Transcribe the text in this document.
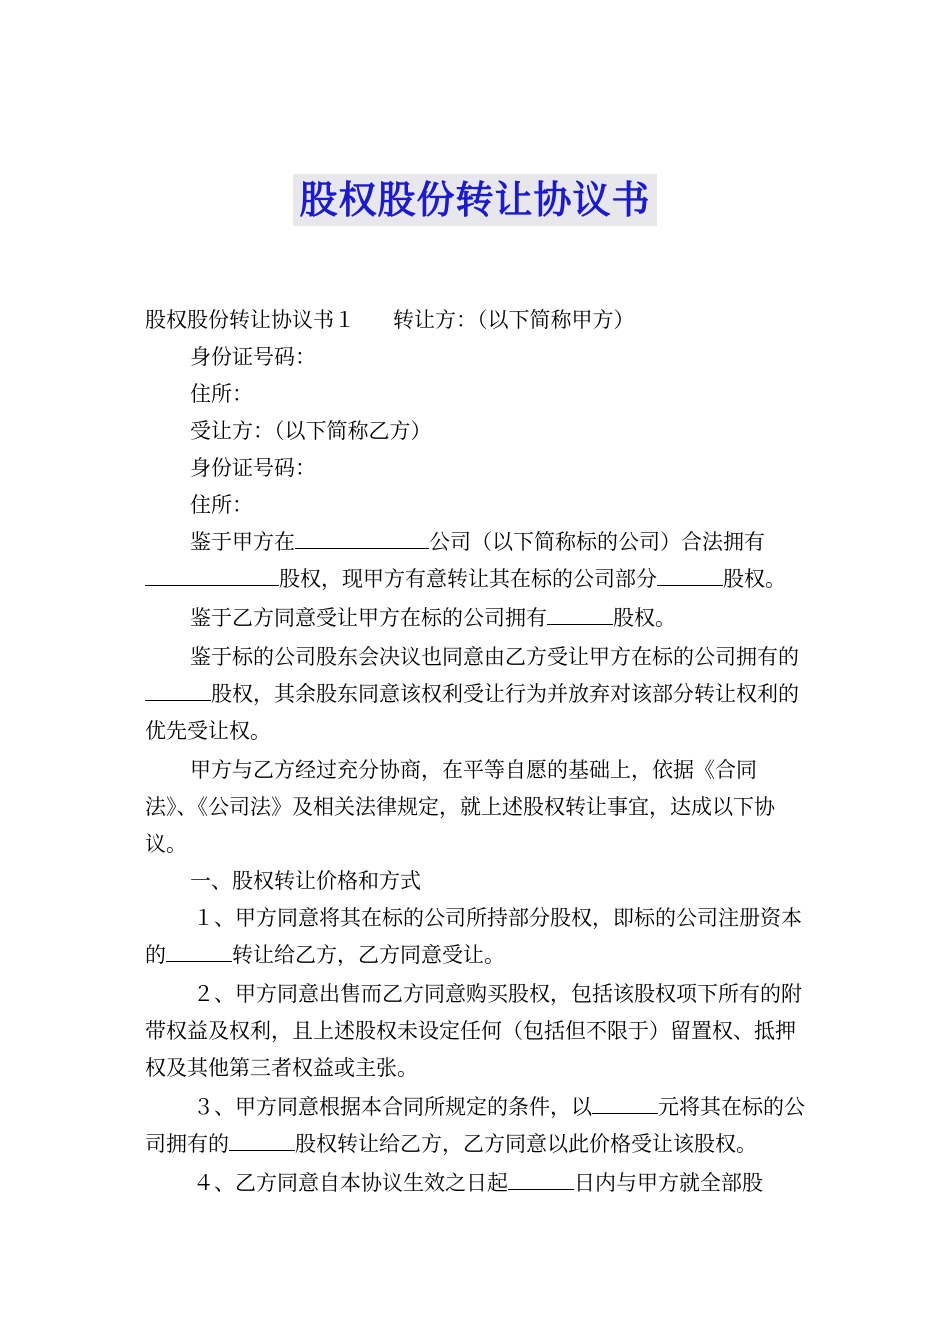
股权股份转让协议书

股权股份转让协议书１ 转让方：（以下简称甲方）

身份证号码：

住所：

受让方：（以下简称乙方）

身份证号码：

住所：

鉴于甲方在	公司（以下简称标的公司）合法拥有股权，现甲方有意转让其在标的公司部分	股权。

鉴于乙方同意受让甲方在标的公司拥有	股权。

鉴于标的公司股东会决议也同意由乙方受让甲方在标的公司拥有的股权，其余股东同意该权利受让行为并放弃对该部分转让权利的优先受让权。

甲方与乙方经过充分协商，在平等自愿的基础上，依据《合同法》、《公司法》及相关法律规定，就上述股权转让事宜，达成以下协议。

一、股权转让价格和方式

１、甲方同意将其在标的公司所持部分股权，即标的公司注册资本的	转让给乙方，乙方同意受让。

２、甲方同意出售而乙方同意购买股权，包括该股权项下所有的附带权益及权利，且上述股权未设定任何（包括但不限于）留置权、抵押权及其他第三者权益或主张。

３、甲方同意根据本合同所规定的条件，以	元将其在标的公司拥有的	股权转让给乙方，乙方同意以此价格受让该股权。

４、乙方同意自本协议生效之日起	日内与甲方就全部股
